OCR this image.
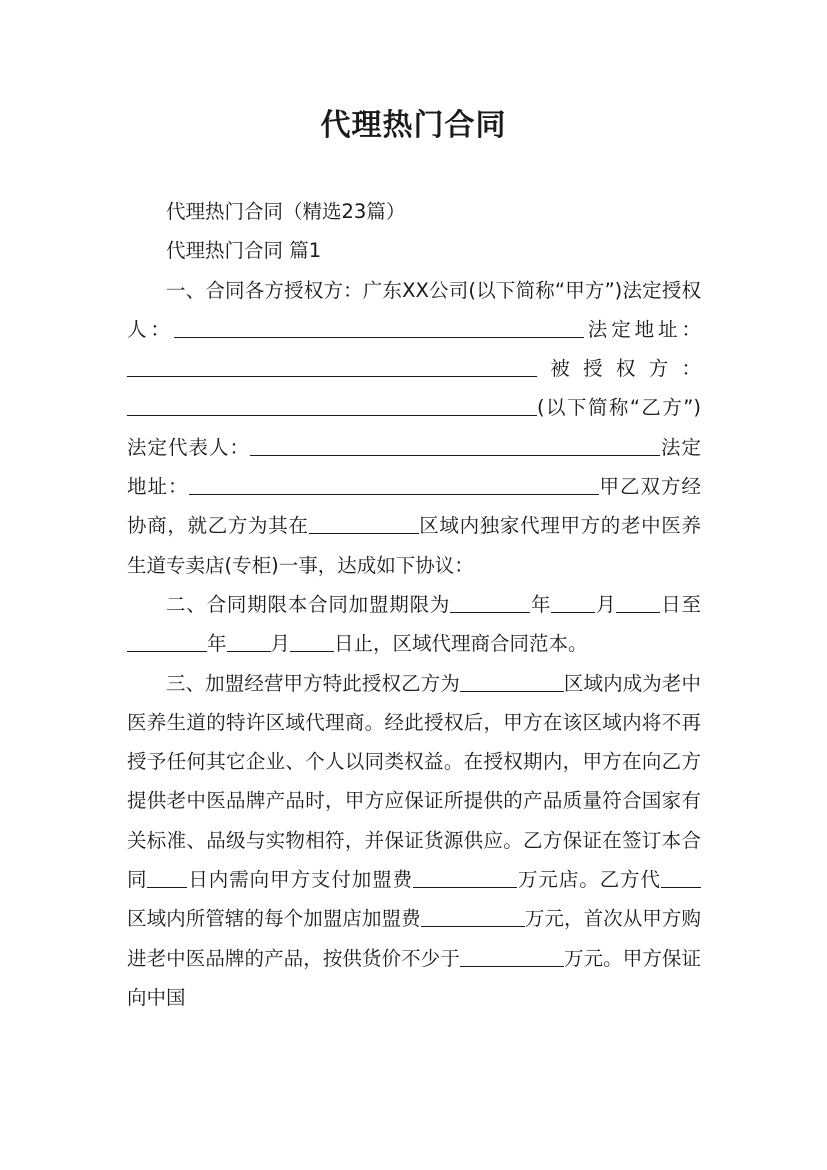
代理热门合同

代理热门合同（精选23篇）

代理热门合同 篇1

一、合同各方授权方：广东XX公司(以下简称“甲方”)法定授权人：	法定地址：被授权方：(以下简称“乙方”)法定代表人：	法定地址：	甲乙双方经协商，就乙方为其在	区域内独家代理甲方的老中医养生道专卖店(专柜)一事，达成如下协议：

二、合同期限本合同加盟期限为	年 月 日至年 月 日止，区域代理商合同范本。

三、加盟经营甲方特此授权乙方为	区域内成为老中医养生道的特许区域代理商。经此授权后，甲方在该区域内将不再授予任何其它企业、个人以同类权益。在授权期内，甲方在向乙方提供老中医品牌产品时，甲方应保证所提供的产品质量符合国家有关标准、品级与实物相符，并保证货源供应。乙方保证在签订本合同 日内需向甲方支付加盟费	万元店。乙方代区域内所管辖的每个加盟店加盟费	万元，首次从甲方购进老中医品牌的产品，按供货价不少于	万元。甲方保证向中国
